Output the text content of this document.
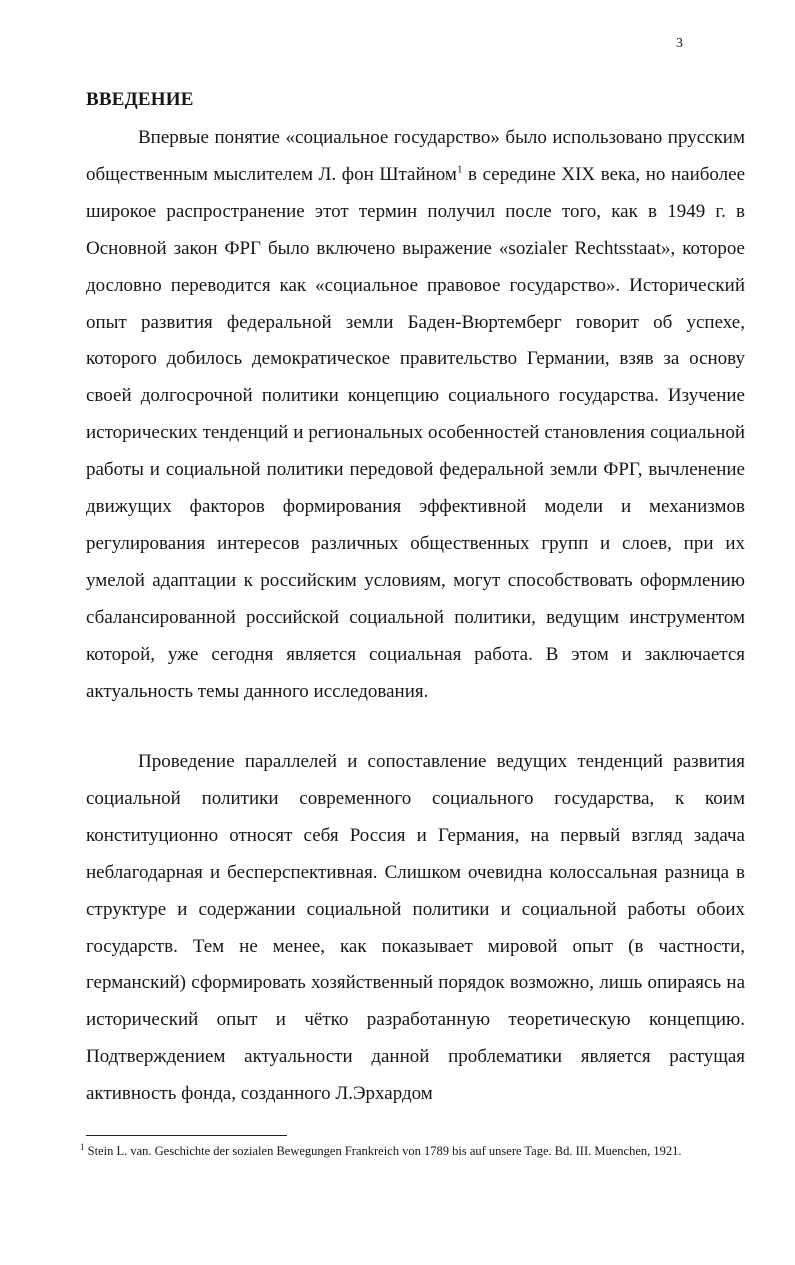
3
ВВЕДЕНИЕ

Впервые понятие «социальное государство» было использовано прусским общественным мыслителем Л. фон Штайном$^1$ в середине XIX века, но наиболее широкое распространение этот термин получил после того, как в 1949 г. в Основной закон ФРГ было включено выражение «sozialer Rechtsstaat», которое дословно переводится как «социальное правовое государство». Исторический опыт развития федеральной земли Баден-Вюртемберг говорит об успехе, которого добилось демократическое правительство Германии, взяв за основу своей долгосрочной политики концепцию социального государства. Изучение исторических тенденций и региональных особенностей становления социальной работы и социальной политики передовой федеральной земли ФРГ, вычленение движущих факторов формирования эффективной модели и механизмов регулирования интересов различных общественных групп и слоев, при их умелой адаптации к российским условиям, могут способствовать оформлению сбалансированной российской социальной политики, ведущим инструментом которой, уже сегодня является социальная работа. В этом и заключается актуальность темы данного исследования.

Проведение параллелей и сопоставление ведущих тенденций развития социальной политики современного социального государства, к коим конституционно относят себя Россия и Германия, на первый взгляд задача неблагодарная и бесперспективная. Слишком очевидна колоссальная разница в структуре и содержании социальной политики и социальной работы обоих государств. Тем не менее, как показывает мировой опыт (в частности, германский) сформировать хозяйственный порядок возможно, лишь опираясь на исторический опыт и чётко разработанную теоретическую концепцию. Подтверждением актуальности данной проблематики является растущая активность фонда, созданного Л.Эрхардом

$^1$ Stein L. van. Geschichte der sozialen Bewegungen Frankreich von 1789 bis auf unsere Tage. Bd. III. Muenchen, 1921.
